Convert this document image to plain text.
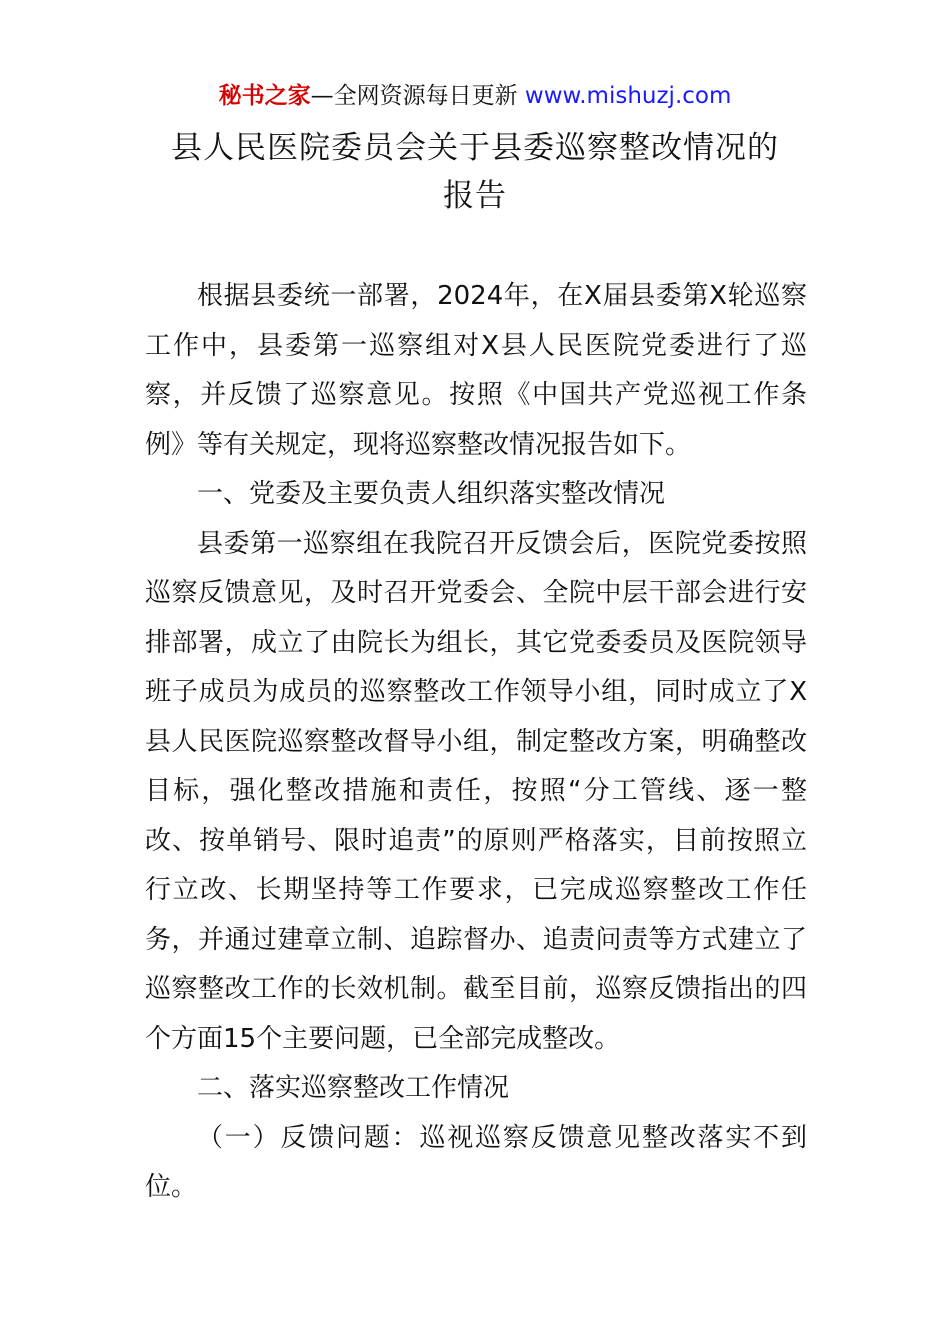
秘书之家—全网资源每日更新 www.mishuzj.com
县人民医院委员会关于县委巡察整改情况的
报告

根据县委统一部署，2024年，在X届县委第X轮巡察工作中，县委第一巡察组对X县人民医院党委进行了巡察，并反馈了巡察意见。按照《中国共产党巡视工作条例》等有关规定，现将巡察整改情况报告如下。

一、党委及主要负责人组织落实整改情况

县委第一巡察组在我院召开反馈会后，医院党委按照巡察反馈意见，及时召开党委会、全院中层干部会进行安排部署，成立了由院长为组长，其它党委委员及医院领导班子成员为成员的巡察整改工作领导小组，同时成立了X县人民医院巡察整改督导小组，制定整改方案，明确整改目标，强化整改措施和责任，按照“分工管线、逐一整改、按单销号、限时追责”的原则严格落实，目前按照立行立改、长期坚持等工作要求，已完成巡察整改工作任务，并通过建章立制、追踪督办、追责问责等方式建立了巡察整改工作的长效机制。截至目前，巡察反馈指出的四个方面15个主要问题，已全部完成整改。

二、落实巡察整改工作情况

（一）反馈问题：巡视巡察反馈意见整改落实不到位。
